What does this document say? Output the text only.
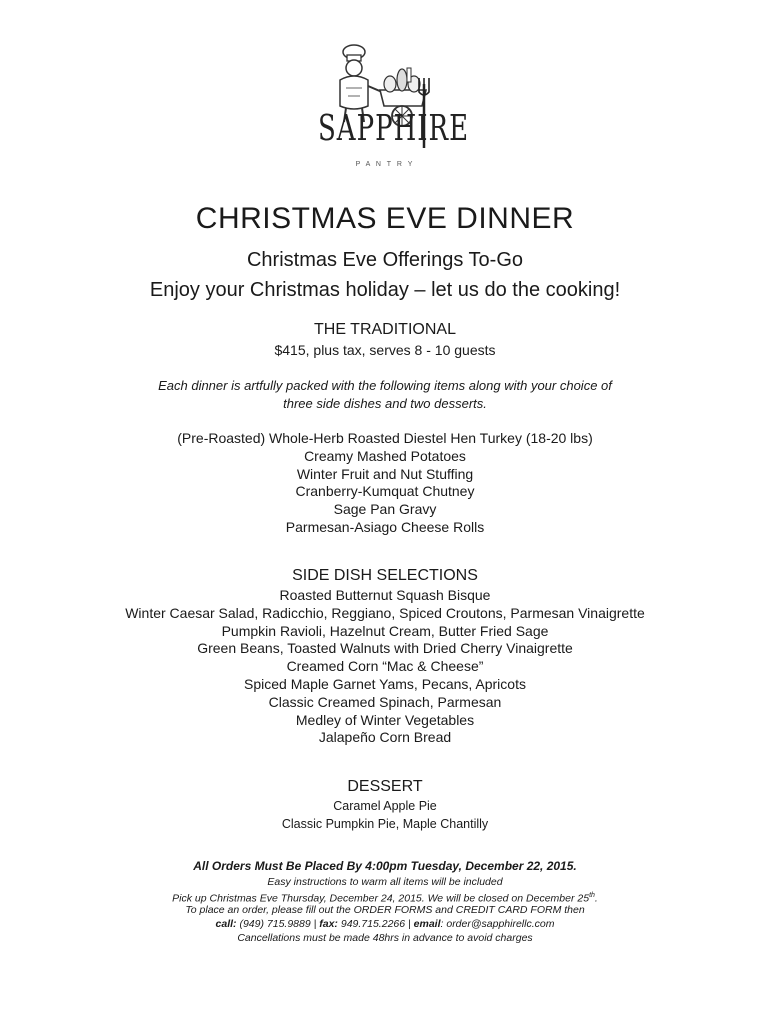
SAPPHIRE
P A N T R Y
CHRISTMAS EVE DINNER
Christmas Eve Offerings To-Go
Enjoy your Christmas holiday – let us do the cooking!
THE TRADITIONAL
$415, plus tax, serves 8 - 10 guests
Each dinner is artfully packed with the following items along with your choice of
three side dishes and two desserts.
(Pre-Roasted) Whole-Herb Roasted Diestel Hen Turkey (18-20 lbs)
Creamy Mashed Potatoes
Winter Fruit and Nut Stuffing
Cranberry-Kumquat Chutney
Sage Pan Gravy
Parmesan-Asiago Cheese Rolls
SIDE DISH SELECTIONS
Roasted Butternut Squash Bisque
Winter Caesar Salad, Radicchio, Reggiano, Spiced Croutons, Parmesan Vinaigrette
Pumpkin Ravioli, Hazelnut Cream, Butter Fried Sage
Green Beans, Toasted Walnuts with Dried Cherry Vinaigrette
Creamed Corn “Mac & Cheese”
Spiced Maple Garnet Yams, Pecans, Apricots
Classic Creamed Spinach, Parmesan
Medley of Winter Vegetables
Jalapeño Corn Bread
DESSERT
Caramel Apple Pie
Classic Pumpkin Pie, Maple Chantilly
All Orders Must Be Placed By 4:00pm Tuesday, December 22, 2015.
Easy instructions to warm all items will be included
Pick up Christmas Eve Thursday, December 24, 2015. We will be closed on December 25th.
To place an order, please fill out the ORDER FORMS and CREDIT CARD FORM then
call: (949) 715.9889 | fax: 949.715.2266 | email: order@sapphirellc.com
Cancellations must be made 48hrs in advance to avoid charges
